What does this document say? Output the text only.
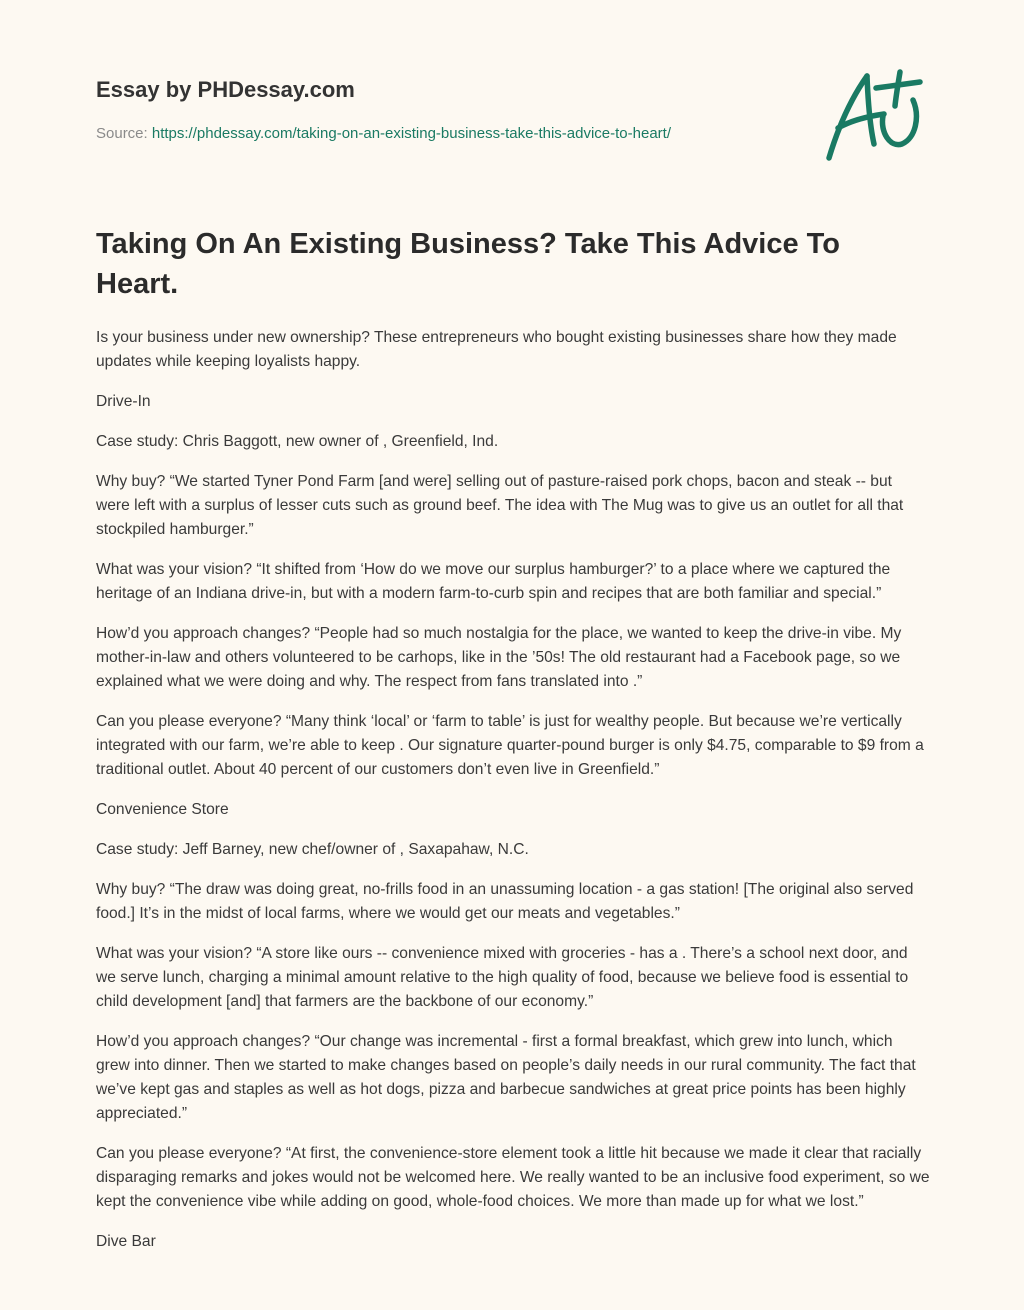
Essay by PHDessay.com
Source: https://phdessay.com/taking-on-an-existing-business-take-this-advice-to-heart/
Taking On An Existing Business? Take This Advice To Heart.

Is your business under new ownership? These entrepreneurs who bought existing businesses share how they made updates while keeping loyalists happy.

Drive-In

Case study: Chris Baggott, new owner of , Greenfield, Ind.

Why buy? “We started Tyner Pond Farm [and were] selling out of pasture-raised pork chops, bacon and steak -- but were left with a surplus of lesser cuts such as ground beef. The idea with The Mug was to give us an outlet for all that stockpiled hamburger.”

What was your vision? “It shifted from ‘How do we move our surplus hamburger?’ to a place where we captured the heritage of an Indiana drive-in, but with a modern farm-to-curb spin and recipes that are both familiar and special.”

How’d you approach changes? “People had so much nostalgia for the place, we wanted to keep the drive-in vibe. My mother-in-law and others volunteered to be carhops, like in the ’50s! The old restaurant had a Facebook page, so we explained what we were doing and why. The respect from fans translated into .”

Can you please everyone? “Many think ‘local’ or ‘farm to table’ is just for wealthy people. But because we’re vertically integrated with our farm, we’re able to keep . Our signature quarter-pound burger is only $4.75, comparable to $9 from a traditional outlet. About 40 percent of our customers don’t even live in Greenfield.”

Convenience Store

Case study: Jeff Barney, new chef/owner of , Saxapahaw, N.C.

Why buy? “The draw was doing great, no-frills food in an unassuming location - a gas station! [The original also served food.] It’s in the midst of local farms, where we would get our meats and vegetables.”

What was your vision? “A store like ours -- convenience mixed with groceries - has a . There’s a school next door, and we serve lunch, charging a minimal amount relative to the high quality of food, because we believe food is essential to child development [and] that farmers are the backbone of our economy.”

How’d you approach changes? “Our change was incremental - first a formal breakfast, which grew into lunch, which grew into dinner. Then we started to make changes based on people’s daily needs in our rural community. The fact that we’ve kept gas and staples as well as hot dogs, pizza and barbecue sandwiches at great price points has been highly appreciated.”

Can you please everyone? “At first, the convenience-store element took a little hit because we made it clear that racially disparaging remarks and jokes would not be welcomed here. We really wanted to be an inclusive food experiment, so we kept the convenience vibe while adding on good, whole-food choices. We more than made up for what we lost.”

Dive Bar
